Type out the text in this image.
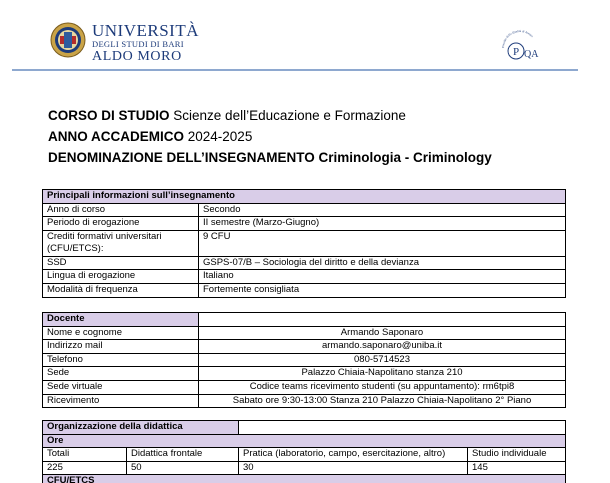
UNIVERSITÀ
DEGLI STUDI DI BARI
ALDO MORO
Presidio della Qualità di Ateneo
P QA
CORSO DI STUDIO Scienze dell’Educazione e Formazione
ANNO ACCADEMICO 2024-2025
DENOMINAZIONE DELL’INSEGNAMENTO Criminologia - Criminology
Principali informazioni sull’insegnamento	
Anno di corso	Secondo
Periodo di erogazione	II semestre (Marzo-Giugno)
Crediti formativi universitari (CFU/ETCS):	9 CFU
SSD	GSPS-07/B – Sociologia del diritto e della devianza
Lingua di erogazione	Italiano
Modalità di frequenza	Fortemente consigliata
Docente	
Nome e cognome	Armando Saponaro
Indirizzo mail	armando.saponaro@uniba.it
Telefono	080-5714523
Sede	Palazzo Chiaia-Napolitano stanza 210
Sede virtuale	Codice teams ricevimento studenti (su appuntamento): rm6tpi8
Ricevimento	Sabato ore 9:30-13:00 Stanza 210 Palazzo Chiaia-Napolitano 2° Piano
Organizzazione della didattica			
Ore			
Totali	Didattica frontale	Pratica (laboratorio, campo, esercitazione, altro)	Studio individuale
225	50	30	145
CFU/ETCS			
